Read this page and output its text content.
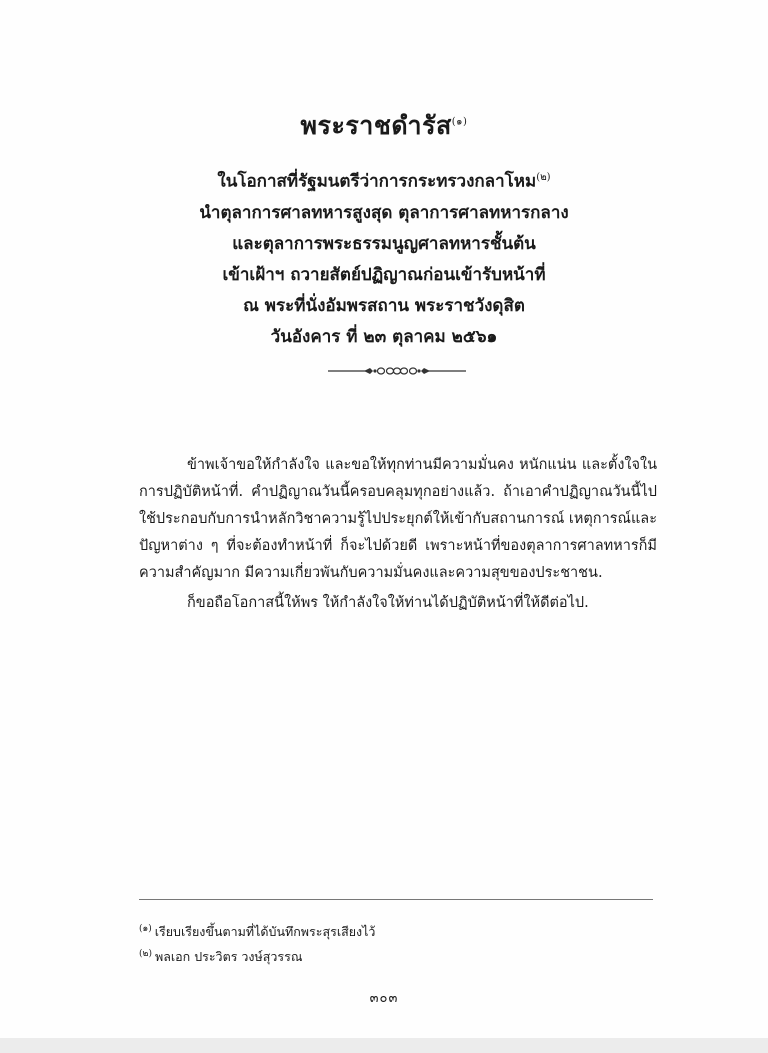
พระราชดำรัส$^{(๑)}$
ในโอกาสที่รัฐมนตรีว่าการกระทรวงกลาโหม$^{(๒)}$
นำตุลาการศาลทหารสูงสุด ตุลาการศาลทหารกลาง
และตุลาการพระธรรมนูญศาลทหารชั้นต้น
เข้าเฝ้าฯ ถวายสัตย์ปฏิญาณก่อนเข้ารับหน้าที่
ณ พระที่นั่งอัมพรสถาน พระราชวังดุสิต
วันอังคาร ที่ ๒๓ ตุลาคม ๒๕๖๑

ข้าพเจ้าขอให้กำลังใจ และขอให้ทุกท่านมีความมั่นคง หนักแน่น และตั้งใจในการปฏิบัติหน้าที่. คำปฏิญาณวันนี้ครอบคลุมทุกอย่างแล้ว. ถ้าเอาคำปฏิญาณวันนี้ไปใช้ประกอบกับการนำหลักวิชาความรู้ไปประยุกต์ให้เข้ากับสถานการณ์ เหตุการณ์และปัญหาต่าง ๆ ที่จะต้องทำหน้าที่ ก็จะไปด้วยดี เพราะหน้าที่ของตุลาการศาลทหารก็มีความสำคัญมาก มีความเกี่ยวพันกับความมั่นคงและความสุขของประชาชน.

ก็ขอถือโอกาสนี้ให้พร ให้กำลังใจให้ท่านได้ปฏิบัติหน้าที่ให้ดีต่อไป.

$^{(๑)}$ เรียบเรียงขึ้นตามที่ได้บันทึกพระสุรเสียงไว้
$^{(๒)}$ พลเอก ประวิตร วงษ์สุวรรณ
๓๐๓
